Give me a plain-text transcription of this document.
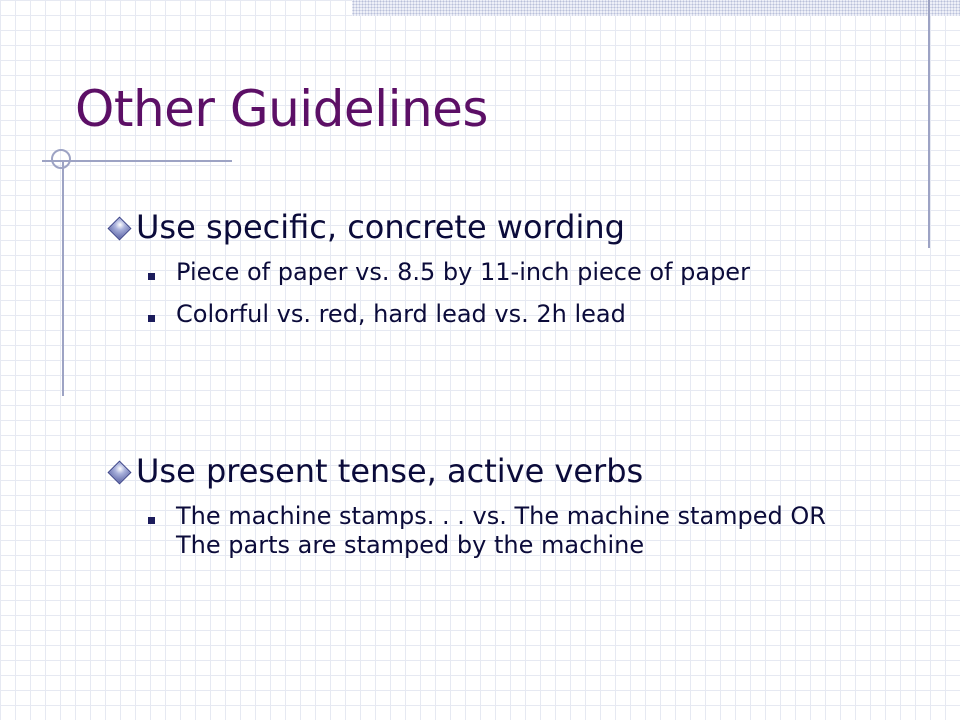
Other Guidelines
Use specific, concrete wording
Piece of paper vs. 8.5 by 11-inch piece of paper
Colorful vs. red, hard lead vs. 2h lead
Use present tense, active verbs
The machine stamps. . . vs. The machine stamped OR The parts are stamped by the machine
